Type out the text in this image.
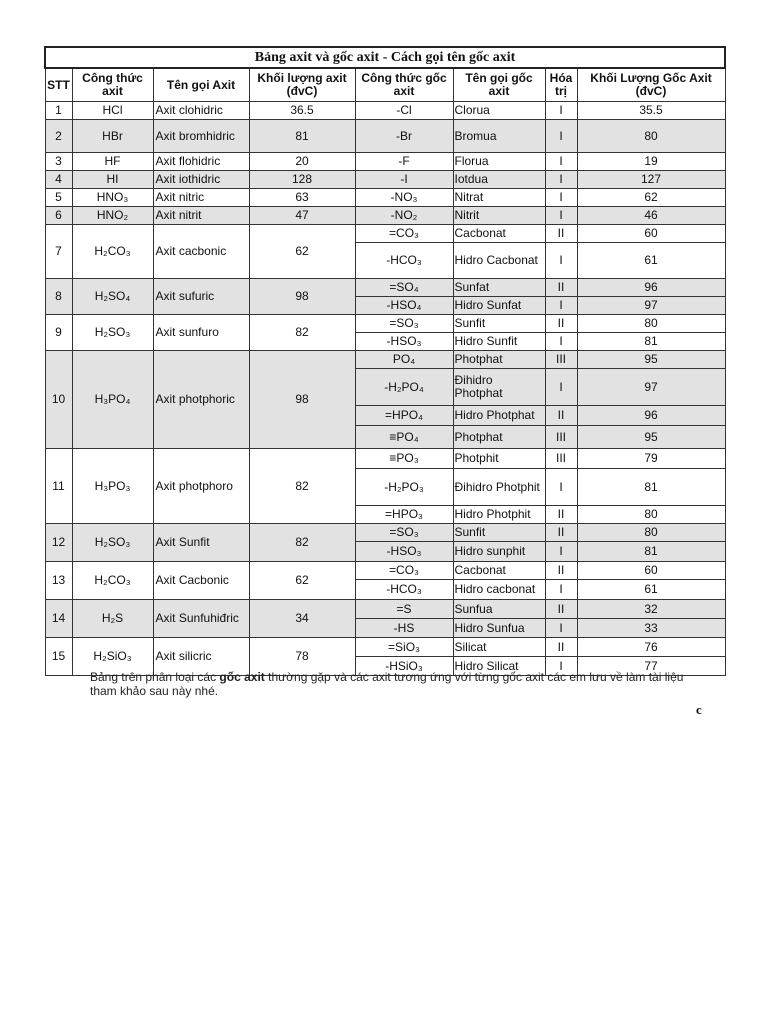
Bảng axit và gốc axit - Cách gọi tên gốc axit							
STT	Công thức axit	Tên gọi Axit	Khối lượng axit (đvC)	Công thức gốc axit	Tên gọi gốc axit	Hóa trị	Khối Lượng Gốc Axit (đvC)
1	HCl	Axit clohidric	36.5	-Cl	Clorua	I	35.5
2	HBr	Axit bromhidric	81	-Br	Bromua	I	80
3	HF	Axit flohidric	20	-F	Florua	I	19
4	HI	Axit iothidric	128	-I	Iotdua	I	127
5	HNO₃	Axit nitric	63	-NO₃	Nitrat	I	62
6	HNO₂	Axit nitrit	47	-NO₂	Nitrit	I	46
7	H₂CO₃	Axit cacbonic	62	=CO₃	Cacbonat	II	60
				-HCO₃	Hidro Cacbonat	I	61
8	H₂SO₄	Axit sufuric	98	=SO₄	Sunfat	II	96
				-HSO₄	Hidro Sunfat	I	97
9	H₂SO₃	Axit sunfuro	82	=SO₃	Sunfit	II	80
				-HSO₃	Hidro Sunfit	I	81
10	H₃PO₄	Axit photphoric	98	PO₄	Photphat	III	95
				-H₂PO₄	Đihidro Photphat	I	97
				=HPO₄	Hidro Photphat	II	96
				≡PO₄	Photphat	III	95
11	H₃PO₃	Axit photphoro	82	≡PO₃	Photphit	III	79
				-H₂PO₃	Đihidro Photphit	I	81
				=HPO₃	Hidro Photphit	II	80
12	H₂SO₃	Axit Sunfit	82	=SO₃	Sunfit	II	80
				-HSO₃	Hidro sunphit	I	81
13	H₂CO₃	Axit Cacbonic	62	=CO₃	Cacbonat	II	60
				-HCO₃	Hidro cacbonat	I	61
14	H₂S	Axit Sunfuhiđric	34	=S	Sunfua	II	32
				-HS	Hidro Sunfua	I	33
15	H₂SiO₃	Axit silicric	78	=SiO₃	Silicat	II	76
				-HSiO₃	Hidro Silicat	I	77
Bảng trên phân loại các gốc axit thường gặp và các axit tương ứng với từng gốc axit các em lưu về làm tài liệu tham khảo sau này nhé.
c
